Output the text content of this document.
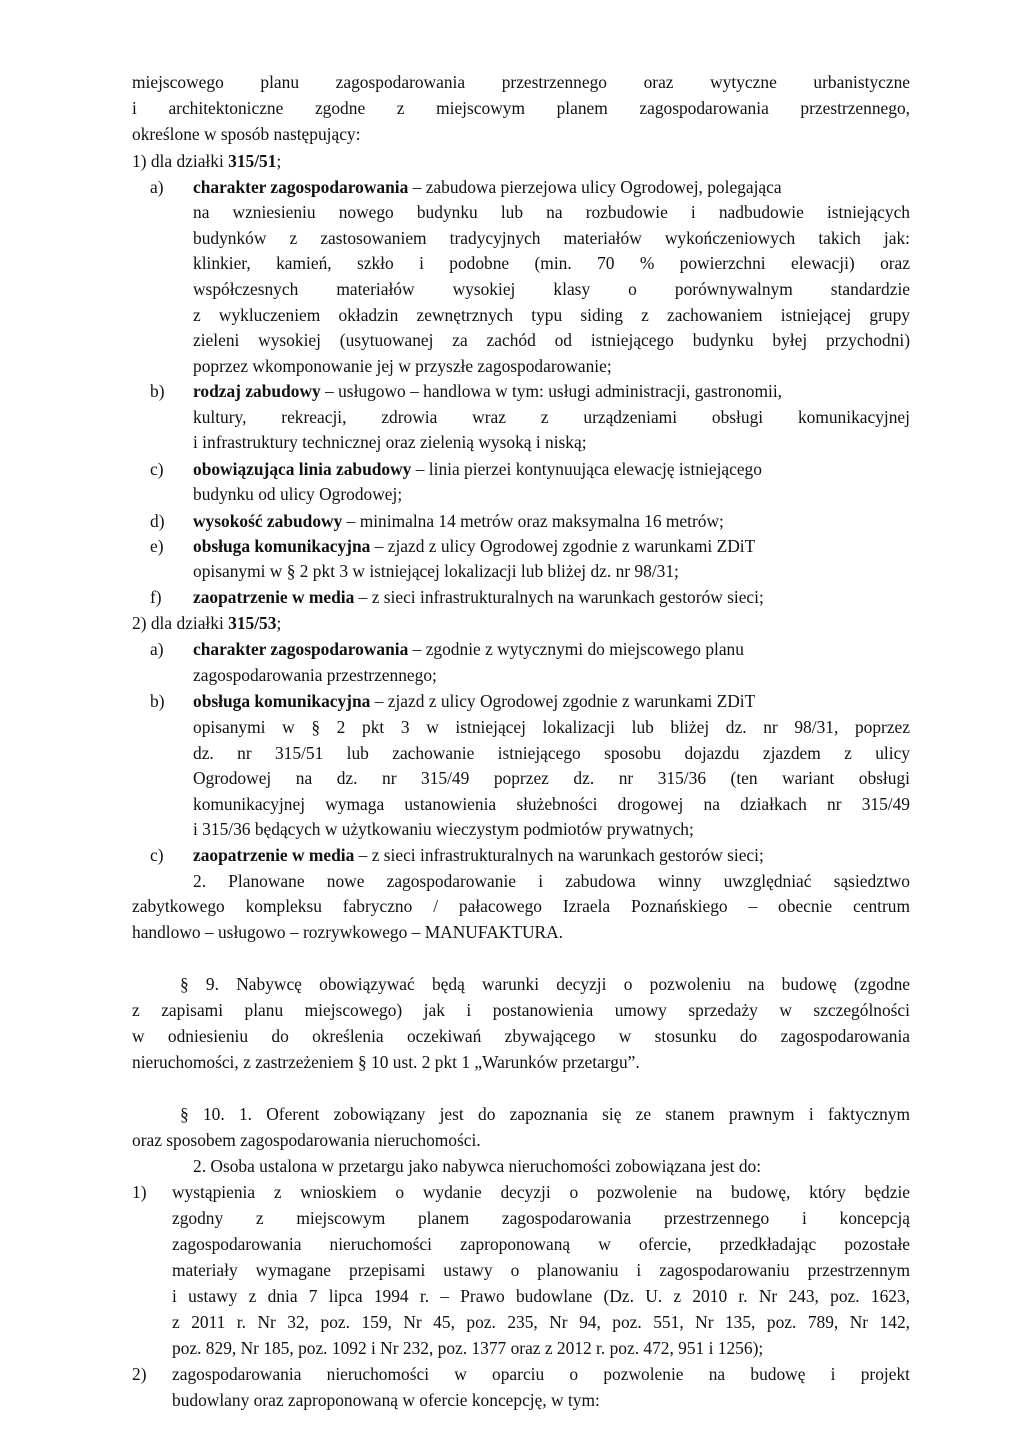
miejscowego planu zagospodarowania przestrzennego oraz wytyczne urbanistyczne
i architektoniczne zgodne z miejscowym planem zagospodarowania przestrzennego,
określone w sposób następujący:
1) dla działki 315/51;
a) charakter zagospodarowania – zabudowa pierzejowa ulicy Ogrodowej, polegająca
na wzniesieniu nowego budynku lub na rozbudowie i nadbudowie istniejących
budynków z zastosowaniem tradycyjnych materiałów wykończeniowych takich jak:
klinkier, kamień, szkło i podobne (min. 70 % powierzchni elewacji) oraz
współczesnych materiałów wysokiej klasy o porównywalnym standardzie
z wykluczeniem okładzin zewnętrznych typu siding z zachowaniem istniejącej grupy
zieleni wysokiej (usytuowanej za zachód od istniejącego budynku byłej przychodni)
poprzez wkomponowanie jej w przyszłe zagospodarowanie;
b) rodzaj zabudowy – usługowo – handlowa w tym: usługi administracji, gastronomii,
kultury, rekreacji, zdrowia wraz z urządzeniami obsługi komunikacyjnej
i infrastruktury technicznej oraz zielenią wysoką i niską;
c) obowiązująca linia zabudowy – linia pierzei kontynuująca elewację istniejącego
budynku od ulicy Ogrodowej;
d) wysokość zabudowy – minimalna 14 metrów oraz maksymalna 16 metrów;
e) obsługa komunikacyjna – zjazd z ulicy Ogrodowej zgodnie z warunkami ZDiT
opisanymi w § 2 pkt 3 w istniejącej lokalizacji lub bliżej dz. nr 98/31;
f) zaopatrzenie w media – z sieci infrastrukturalnych na warunkach gestorów sieci;
2) dla działki 315/53;
a) charakter zagospodarowania – zgodnie z wytycznymi do miejscowego planu
zagospodarowania przestrzennego;
b) obsługa komunikacyjna – zjazd z ulicy Ogrodowej zgodnie z warunkami ZDiT
opisanymi w § 2 pkt 3 w istniejącej lokalizacji lub bliżej dz. nr 98/31, poprzez
dz. nr 315/51 lub zachowanie istniejącego sposobu dojazdu zjazdem z ulicy
Ogrodowej na dz. nr 315/49 poprzez dz. nr 315/36 (ten wariant obsługi
komunikacyjnej wymaga ustanowienia służebności drogowej na działkach nr 315/49
i 315/36 będących w użytkowaniu wieczystym podmiotów prywatnych;
c) zaopatrzenie w media – z sieci infrastrukturalnych na warunkach gestorów sieci;
2. Planowane nowe zagospodarowanie i zabudowa winny uwzględniać sąsiedztwo
zabytkowego kompleksu fabryczno / pałacowego Izraela Poznańskiego – obecnie centrum
handlowo – usługowo – rozrywkowego – MANUFAKTURA.
§ 9. Nabywcę obowiązywać będą warunki decyzji o pozwoleniu na budowę (zgodne
z zapisami planu miejscowego) jak i postanowienia umowy sprzedaży w szczególności
w odniesieniu do określenia oczekiwań zbywającego w stosunku do zagospodarowania
nieruchomości, z zastrzeżeniem § 10 ust. 2 pkt 1 „Warunków przetargu”.
§ 10. 1. Oferent zobowiązany jest do zapoznania się ze stanem prawnym i faktycznym
oraz sposobem zagospodarowania nieruchomości.
2. Osoba ustalona w przetargu jako nabywca nieruchomości zobowiązana jest do:
1) wystąpienia z wnioskiem o wydanie decyzji o pozwolenie na budowę, który będzie
zgodny z miejscowym planem zagospodarowania przestrzennego i koncepcją
zagospodarowania nieruchomości zaproponowaną w ofercie, przedkładając pozostałe
materiały wymagane przepisami ustawy o planowaniu i zagospodarowaniu przestrzennym
i ustawy z dnia 7 lipca 1994 r. – Prawo budowlane (Dz. U. z 2010 r. Nr 243, poz. 1623,
z 2011 r. Nr 32, poz. 159, Nr 45, poz. 235, Nr 94, poz. 551, Nr 135, poz. 789, Nr 142,
poz. 829, Nr 185, poz. 1092 i Nr 232, poz. 1377 oraz z 2012 r. poz. 472, 951 i 1256);
2) zagospodarowania nieruchomości w oparciu o pozwolenie na budowę i projekt
budowlany oraz zaproponowaną w ofercie koncepcję, w tym:
